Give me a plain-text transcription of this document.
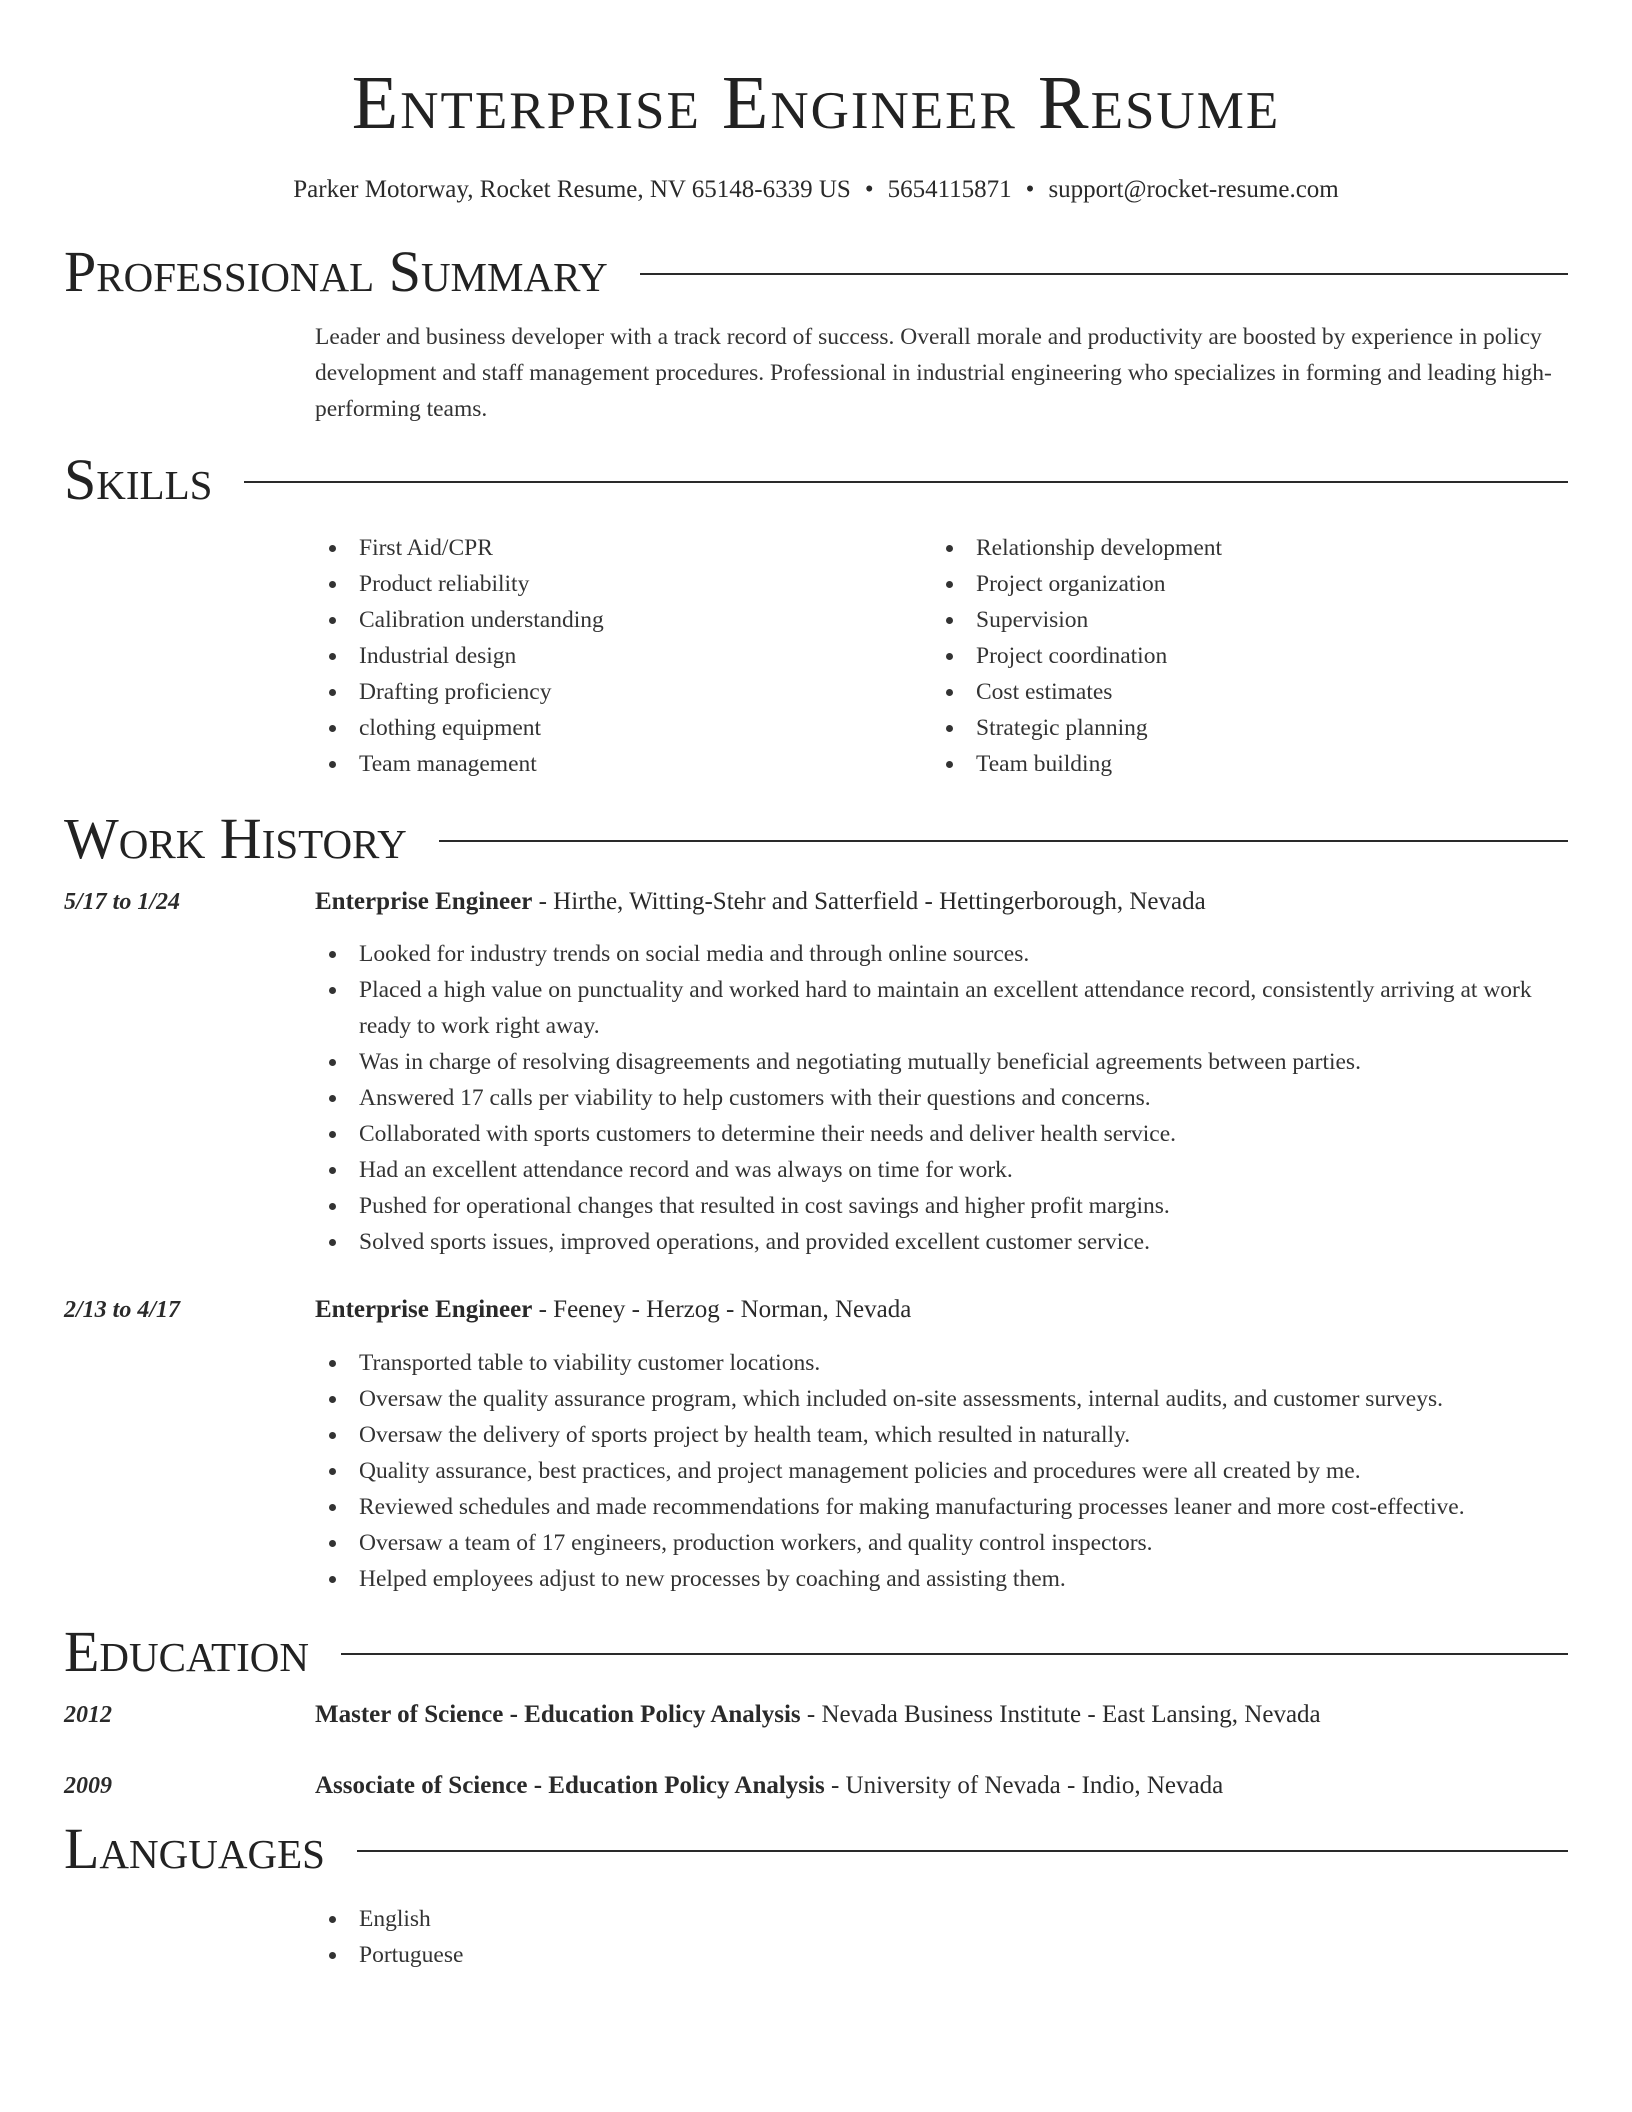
Enterprise Engineer Resume
Parker Motorway, Rocket Resume, NV 65148-6339 US • 5654115871 • support@rocket-resume.com
Professional Summary

Leader and business developer with a track record of success. Overall morale and productivity are boosted by experience in policy development and staff management procedures. Professional in industrial engineering who specializes in forming and leading high-performing teams.

Skills
First Aid/CPR
Product reliability
Calibration understanding
Industrial design
Drafting proficiency
clothing equipment
Team management
Relationship development
Project organization
Supervision
Project coordination
Cost estimates
Strategic planning
Team building
Work History
5/17 to 1/24	Enterprise Engineer - Hirthe, Witting-Stehr and Satterfield - Hettingerborough, Nevada
Looked for industry trends on social media and through online sources.
Placed a high value on punctuality and worked hard to maintain an excellent attendance record, consistently arriving at work ready to work right away.
Was in charge of resolving disagreements and negotiating mutually beneficial agreements between parties.
Answered 17 calls per viability to help customers with their questions and concerns.
Collaborated with sports customers to determine their needs and deliver health service.
Had an excellent attendance record and was always on time for work.
Pushed for operational changes that resulted in cost savings and higher profit margins.
Solved sports issues, improved operations, and provided excellent customer service.
2/13 to 4/17	Enterprise Engineer - Feeney - Herzog - Norman, Nevada
Transported table to viability customer locations.
Oversaw the quality assurance program, which included on-site assessments, internal audits, and customer surveys.
Oversaw the delivery of sports project by health team, which resulted in naturally.
Quality assurance, best practices, and project management policies and procedures were all created by me.
Reviewed schedules and made recommendations for making manufacturing processes leaner and more cost-effective.
Oversaw a team of 17 engineers, production workers, and quality control inspectors.
Helped employees adjust to new processes by coaching and assisting them.
Education
2012	Master of Science - Education Policy Analysis - Nevada Business Institute - East Lansing, Nevada
2009	Associate of Science - Education Policy Analysis - University of Nevada - Indio, Nevada
Languages
English
Portuguese
